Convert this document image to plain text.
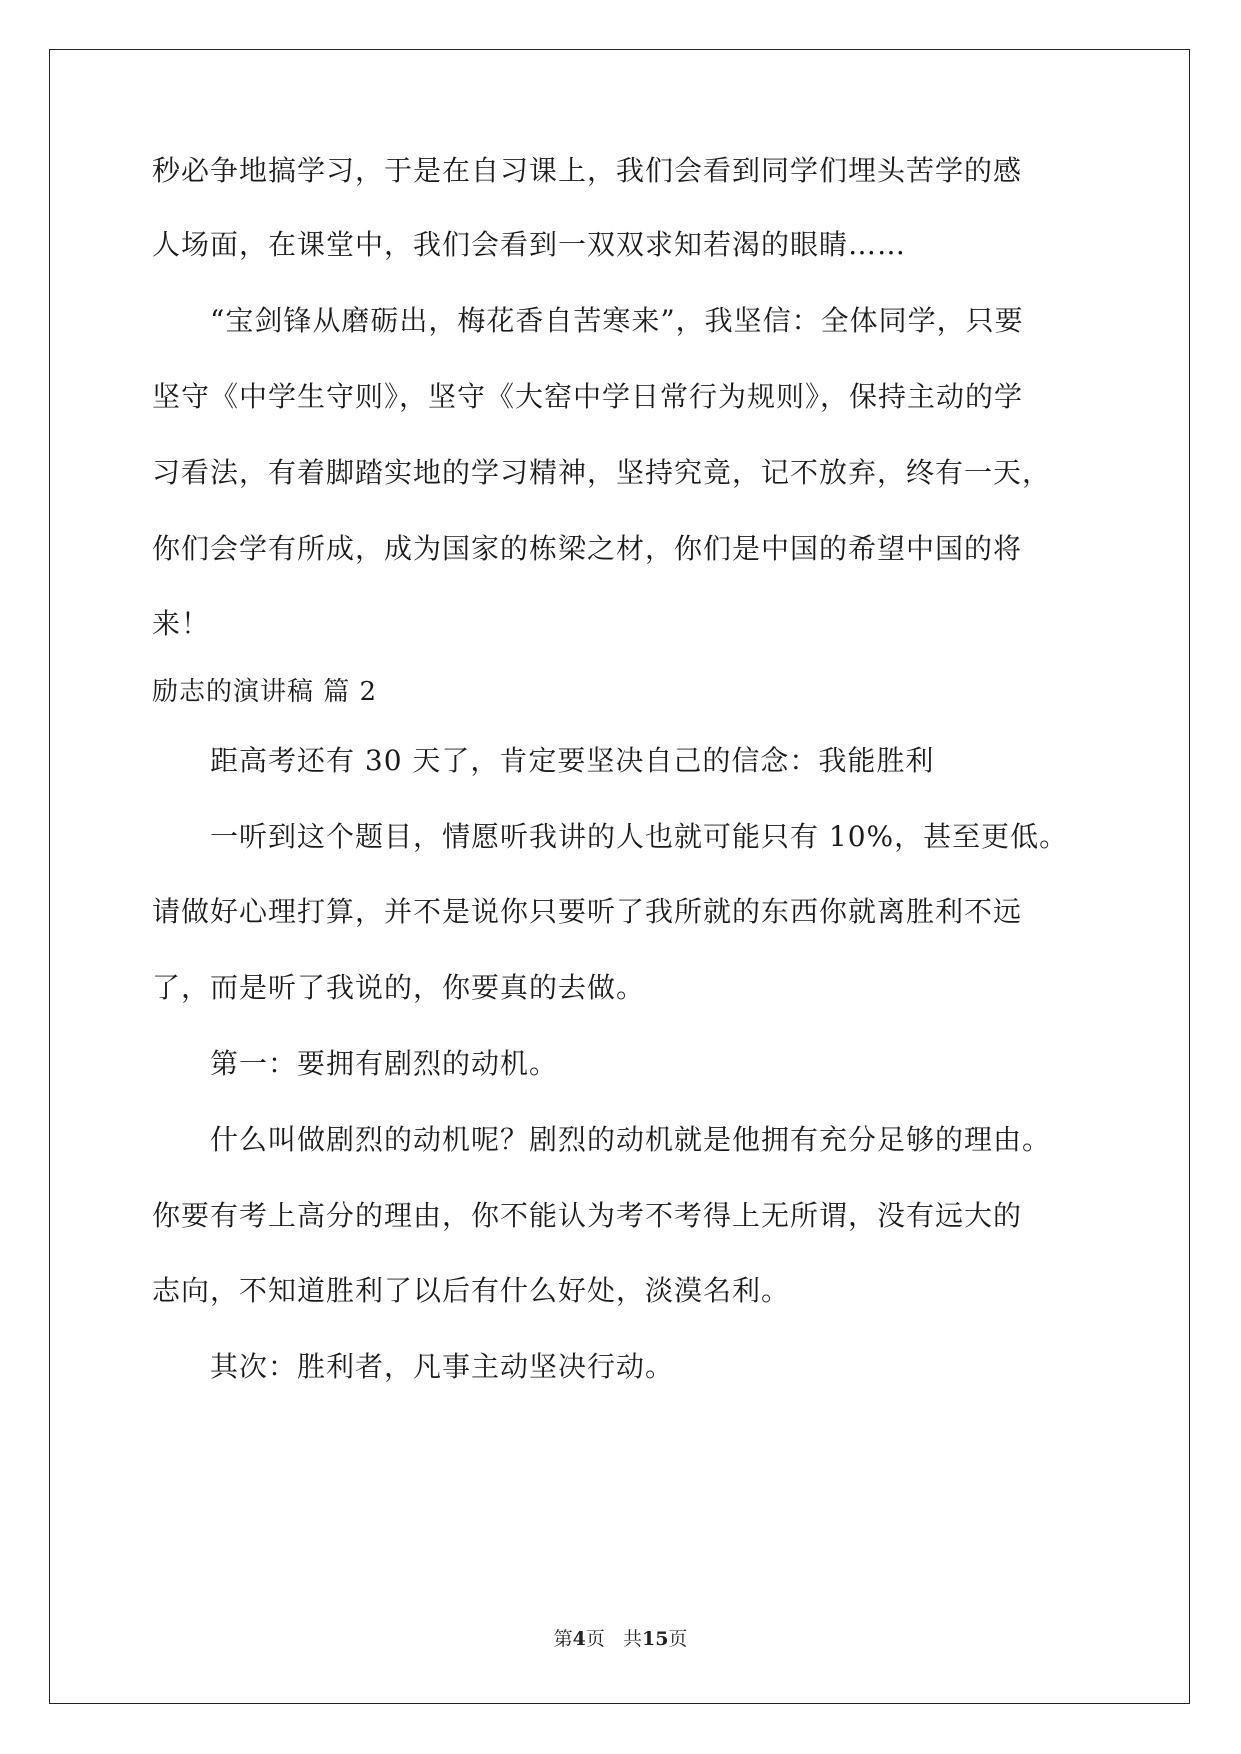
秒必争地搞学习，于是在自习课上，我们会看到同学们埋头苦学的感
人场面，在课堂中，我们会看到一双双求知若渴的眼睛……
“宝剑锋从磨砺出，梅花香自苦寒来”，我坚信：全体同学，只要
坚守《中学生守则》，坚守《大窑中学日常行为规则》，保持主动的学
习看法，有着脚踏实地的学习精神，坚持究竟，记不放弃，终有一天，
你们会学有所成，成为国家的栋梁之材，你们是中国的希望中国的将
来！
励志的演讲稿 篇 2
距高考还有 30 天了，肯定要坚决自己的信念：我能胜利
一听到这个题目，情愿听我讲的人也就可能只有 10%，甚至更低。
请做好心理打算，并不是说你只要听了我所就的东西你就离胜利不远
了，而是听了我说的，你要真的去做。
第一：要拥有剧烈的动机。
什么叫做剧烈的动机呢？剧烈的动机就是他拥有充分足够的理由。
你要有考上高分的理由，你不能认为考不考得上无所谓，没有远大的
志向，不知道胜利了以后有什么好处，淡漠名利。
其次：胜利者，凡事主动坚决行动。
第4页 共15页
